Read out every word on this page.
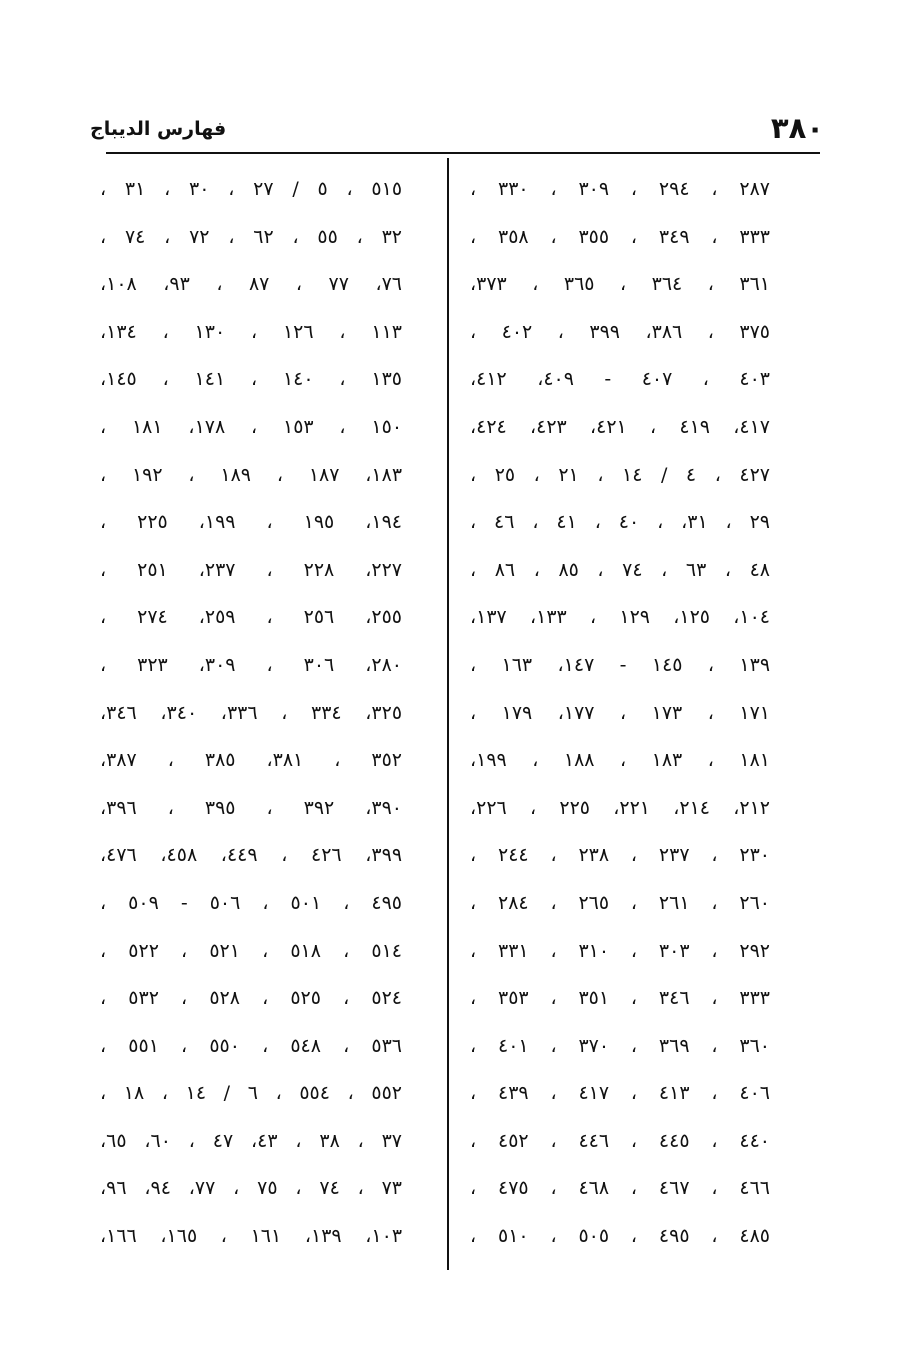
٣٨٠
فهارس الديباج
٢٨٧ ، ٢٩٤ ، ٣٠٩ ، ٣٣٠ ،
٣٣٣ ، ٣٤٩ ، ٣٥٥ ، ٣٥٨ ،
٣٦١ ، ٣٦٤ ، ٣٦٥ ، ٣٧٣،
٣٧٥ ، ٣٨٦، ٣٩٩ ، ٤٠٢ ،
٤٠٣ ، ٤٠٧ - ٤٠٩، ٤١٢،
٤١٧، ٤١٩ ، ٤٢١، ٤٢٣، ٤٢٤،
٤٢٧ ، ٤ / ١٤ ، ٢١ ، ٢٥ ،
٢٩ ، ٣١، ، ٤٠ ، ٤١ ، ٤٦ ،
٤٨ ، ٦٣ ، ٧٤ ، ٨٥ ، ٨٦ ،
١٠٤، ١٢٥، ١٢٩ ، ١٣٣، ١٣٧،
١٣٩ ، ١٤٥ - ١٤٧، ١٦٣ ،
١٧١ ، ١٧٣ ، ١٧٧، ١٧٩ ،
١٨١ ، ١٨٣ ، ١٨٨ ، ١٩٩،
٢١٢، ٢١٤، ٢٢١، ٢٢٥ ، ٢٢٦،
٢٣٠ ، ٢٣٧ ، ٢٣٨ ، ٢٤٤ ،
٢٦٠ ، ٢٦١ ، ٢٦٥ ، ٢٨٤ ،
٢٩٢ ، ٣٠٣ ، ٣١٠ ، ٣٣١ ،
٣٣٣ ، ٣٤٦ ، ٣٥١ ، ٣٥٣ ،
٣٦٠ ، ٣٦٩ ، ٣٧٠ ، ٤٠١ ،
٤٠٦ ، ٤١٣ ، ٤١٧ ، ٤٣٩ ،
٤٤٠ ، ٤٤٥ ، ٤٤٦ ، ٤٥٢ ،
٤٦٦ ، ٤٦٧ ، ٤٦٨ ، ٤٧٥ ،
٤٨٥ ، ٤٩٥ ، ٥٠٥ ، ٥١٠ ،
٥١٥ ، ٥ / ٢٧ ، ٣٠ ، ٣١ ،
٣٢ ، ٥٥ ، ٦٢ ، ٧٢ ، ٧٤ ،
٧٦، ٧٧ ، ٨٧ ، ٩٣، ١٠٨،
١١٣ ، ١٢٦ ، ١٣٠ ، ١٣٤،
١٣٥ ، ١٤٠ ، ١٤١ ، ١٤٥،
١٥٠ ، ١٥٣ ، ١٧٨، ١٨١ ،
١٨٣، ١٨٧ ، ١٨٩ ، ١٩٢ ،
١٩٤، ١٩٥ ، ١٩٩، ٢٢٥ ،
٢٢٧، ٢٢٨ ، ٢٣٧، ٢٥١ ،
٢٥٥، ٢٥٦ ، ٢٥٩، ٢٧٤ ،
٢٨٠، ٣٠٦ ، ٣٠٩، ٣٢٣ ،
٣٢٥، ٣٣٤ ، ٣٣٦، ٣٤٠، ٣٤٦،
٣٥٢ ، ٣٨١، ٣٨٥ ، ٣٨٧،
٣٩٠، ٣٩٢ ، ٣٩٥ ، ٣٩٦،
٣٩٩، ٤٢٦ ، ٤٤٩، ٤٥٨، ٤٧٦،
٤٩٥ ، ٥٠١ ، ٥٠٦ - ٥٠٩ ،
٥١٤ ، ٥١٨ ، ٥٢١ ، ٥٢٢ ،
٥٢٤ ، ٥٢٥ ، ٥٢٨ ، ٥٣٢ ،
٥٣٦ ، ٥٤٨ ، ٥٥٠ ، ٥٥١ ،
٥٥٢ ، ٥٥٤ ، ٦ / ١٤ ، ١٨ ،
٣٧ ، ٣٨ ، ٤٣، ٤٧ ، ٦٠، ٦٥،
٧٣ ، ٧٤ ، ٧٥ ، ٧٧، ٩٤، ٩٦،
١٠٣، ١٣٩، ١٦١ ، ١٦٥، ١٦٦،
